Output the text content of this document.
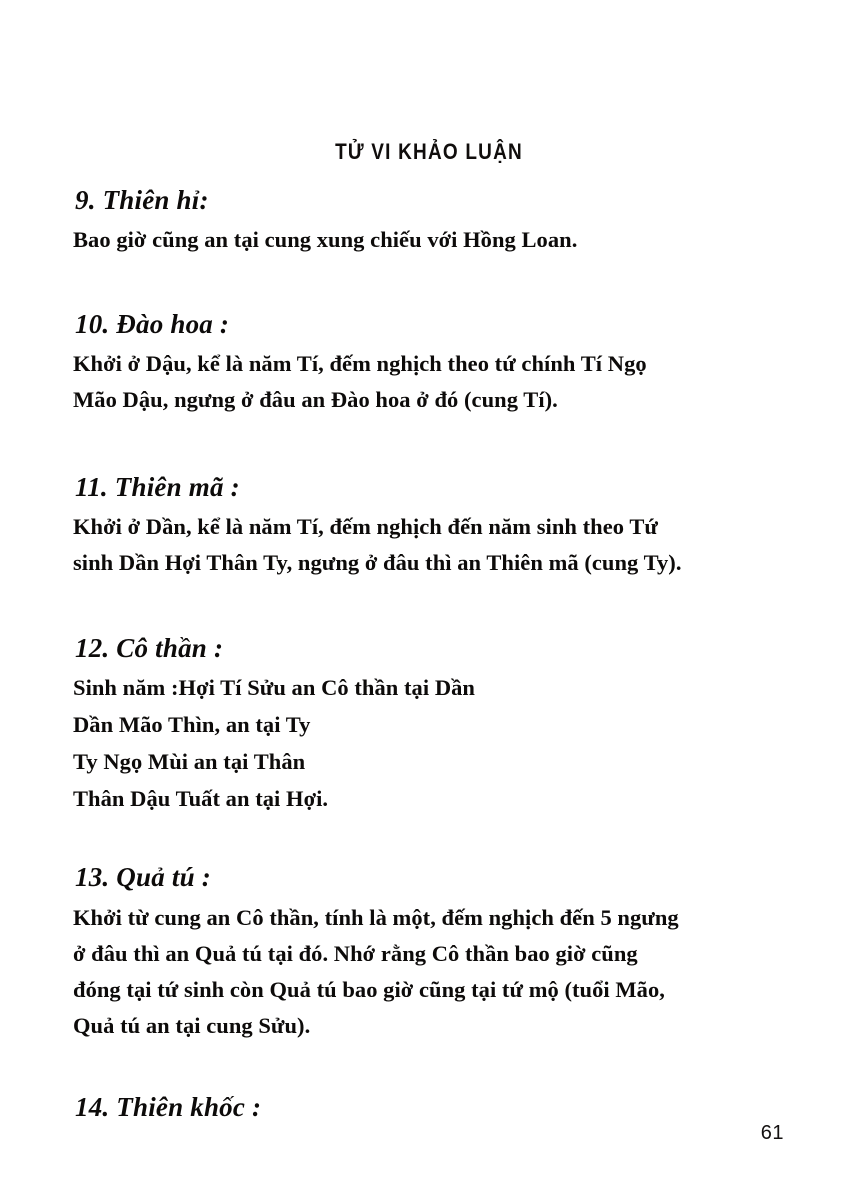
TỬ VI KHẢO LUẬN

9. Thiên hỉ:

Bao giờ cũng an tại cung xung chiếu với Hồng Loan.

10. Đào hoa :

Khởi ở Dậu, kể là năm Tí, đếm nghịch theo tứ chính Tí Ngọ
Mão Dậu, ngưng ở đâu an Đào hoa ở đó (cung Tí).

11. Thiên mã :

Khởi ở Dần, kể là năm Tí, đếm nghịch đến năm sinh theo Tứ
sinh Dần Hợi Thân Ty, ngưng ở đâu thì an Thiên mã (cung Ty).

12. Cô thần :

Sinh năm :Hợi Tí Sửu an Cô thần tại Dần
Dần Mão Thìn, an tại Ty
Ty Ngọ Mùi an tại Thân
Thân Dậu Tuất an tại Hợi.

13. Quả tú :

Khởi từ cung an Cô thần, tính là một, đếm nghịch đến 5 ngưng
ở đâu thì an Quả tú tại đó. Nhớ rằng Cô thần bao giờ cũng
đóng tại tứ sinh còn Quả tú bao giờ cũng tại tứ mộ (tuổi Mão,
Quả tú an tại cung Sửu).

14. Thiên khốc :

61
